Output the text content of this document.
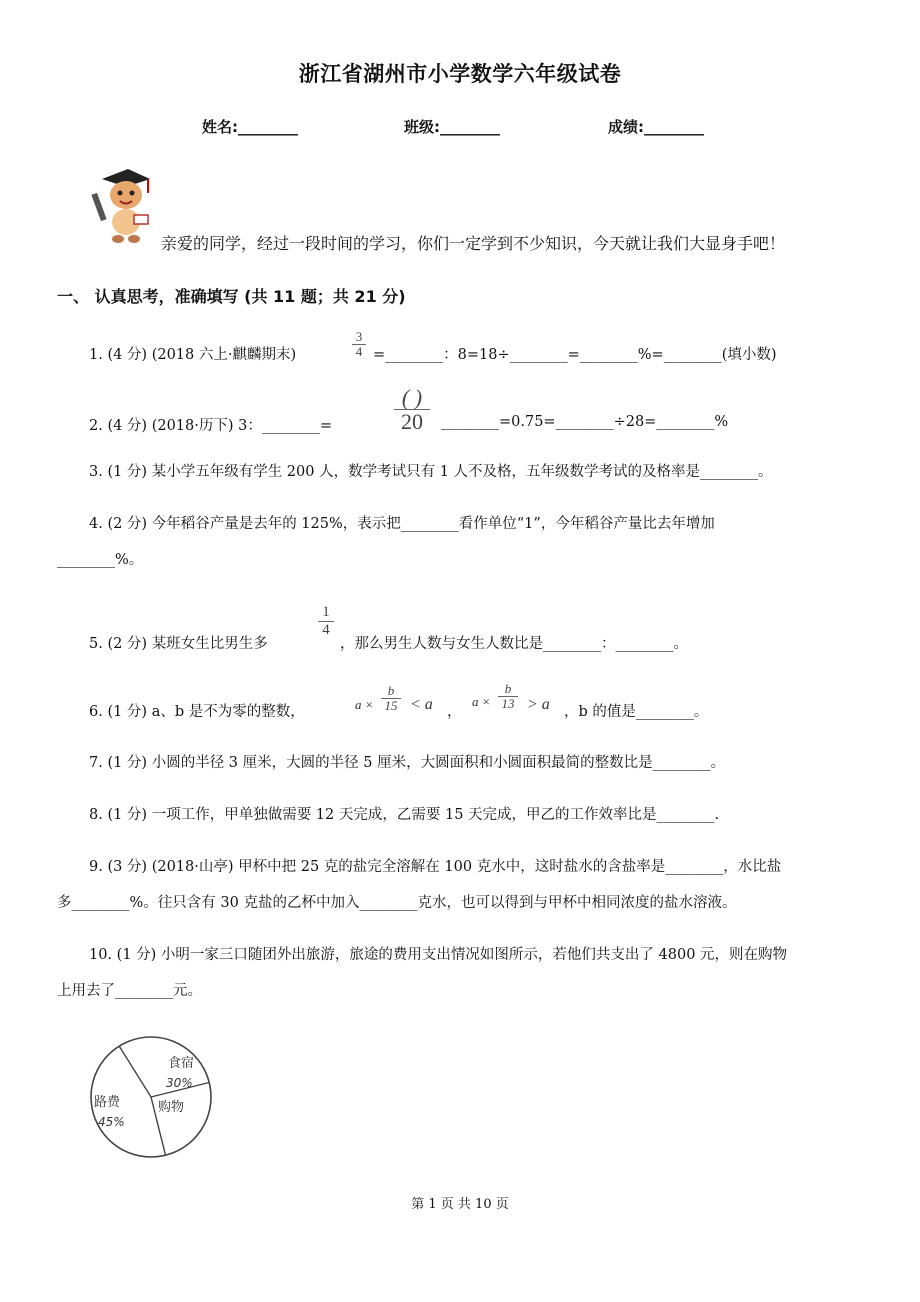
浙江省湖州市小学数学六年级试卷
姓名:________	班级:________	成绩:________
亲爱的同学，经过一段时间的学习，你们一定学到不少知识，今天就让我们大显身手吧！
一、 认真思考，准确填写 (共 11 题；共 21 分)
1. (4 分) (2018 六上·麒麟期末)	$\frac{3}{4}$ =________：8=18÷________=________%=________(填小数)
2. (4 分) (2018·历下) 3：________=
( )
20	________=0.75=________÷28=________%
3. (1 分) 某小学五年级有学生 200 人，数学考试只有 1 人不及格，五年级数学考试的及格率是________。
4. (2 分) 今年稻谷产量是去年的 125%，表示把________看作单位“1”，今年稻谷产量比去年增加
________%。
5. (2 分) 某班女生比男生多
$\frac{1}{4}$
，那么男生人数与女生人数比是________：________。
6. (1 分) a、b 是不为零的整数，	$a \times \frac{b}{15} < a$ ，
$a \times \frac{b}{13} > a$ ，b 的值是________。
7. (1 分) 小圆的半径 3 厘米，大圆的半径 5 厘米，大圆面积和小圆面积最简的整数比是________。
8. (1 分) 一项工作，甲单独做需要 12 天完成，乙需要 15 天完成，甲乙的工作效率比是________.
9. (3 分) (2018·山亭) 甲杯中把 25 克的盐完全溶解在 100 克水中，这时盐水的含盐率是________，水比盐
多________%。往只含有 30 克盐的乙杯中加入________克水，也可以得到与甲杯中相同浓度的盐水溶液。
10. (1 分) 小明一家三口随团外出旅游，旅途的费用支出情况如图所示，若他们共支出了 4800 元，则在购物
上用去了________元。
食宿
30%
路费
45%
购物
第 1 页 共 10 页
